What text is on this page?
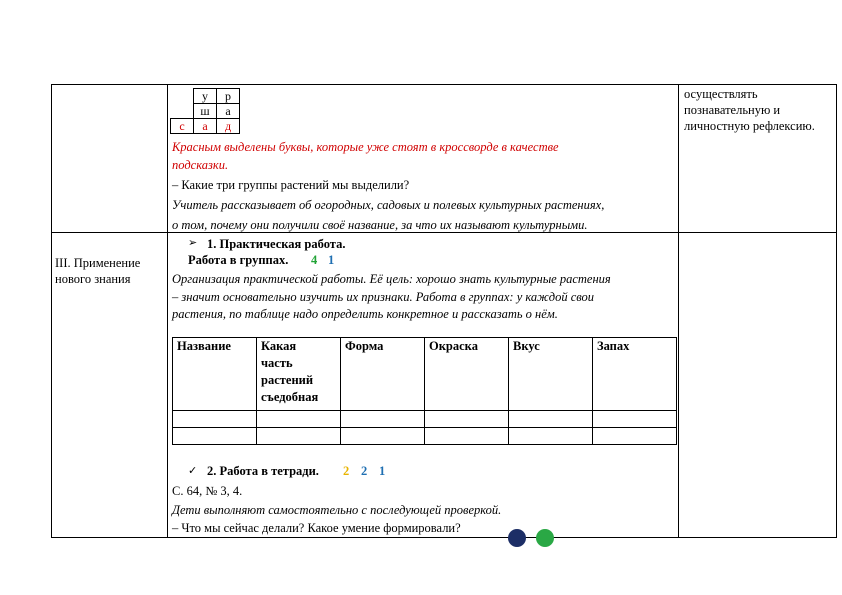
	у	р
	ш	а
с	а	д
Красным выделены буквы, которые уже стоят в кроссворде в качестве
подсказки.
– Какие три группы растений мы выделили?
Учитель рассказывает об огородных, садовых и полевых культурных растениях,
о том, почему они получили своё название, за что их называют культурными.
осуществлять
познавательную и
личностную рефлексию.
III. Применение
нового знания
➢ 1. Практическая работа.
Работа в группах. 4 1
Организация практической работы. Её цель: хорошо знать культурные растения
– значит основательно изучить их признаки. Работа в группах: у каждой свои
растения, по таблице надо определить конкретное и рассказать о нём.
Название	Какая
часть
растений
съедобная	Форма	Окраска	Вкус	Запах

✓ 2. Работа в тетради. 2 2 1
С. 64, № 3, 4.
Дети выполняют самостоятельно с последующей проверкой.
– Что мы сейчас делали? Какое умение формировали?
